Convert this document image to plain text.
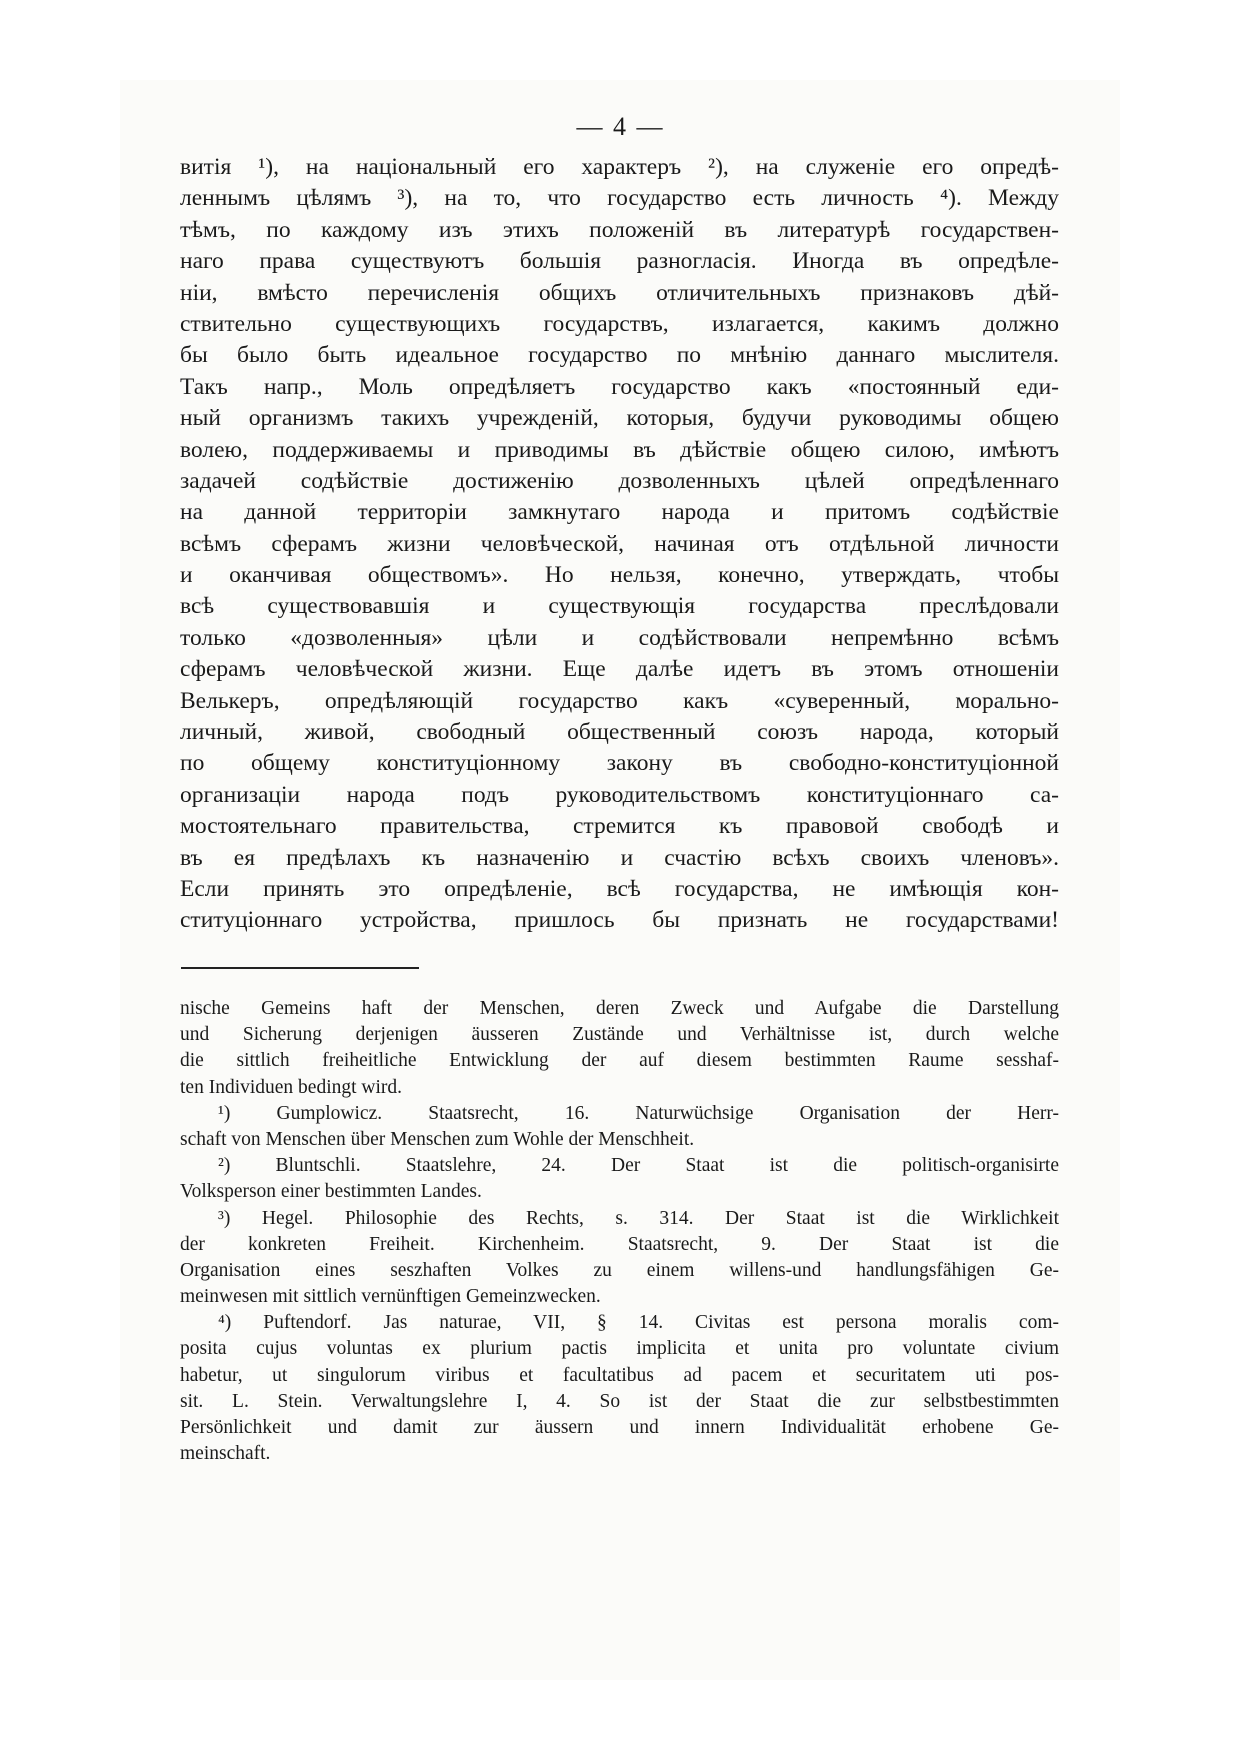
— 4 —
витія ¹), на національный его характеръ ²), на служеніе его опредѣ-
леннымъ цѣлямъ ³), на то, что государство есть личность ⁴). Между
тѣмъ, по каждому изъ этихъ положеній въ литературѣ государствен-
наго права существуютъ большія разногласія. Иногда въ опредѣле-
ніи, вмѣсто перечисленія общихъ отличительныхъ признаковъ дѣй-
ствительно существующихъ государствъ, излагается, какимъ должно
бы было быть идеальное государство по мнѣнію даннаго мыслителя.
Такъ напр., Моль опредѣляетъ государство какъ «постоянный еди-
ный организмъ такихъ учрежденій, которыя, будучи руководимы общею
волею, поддерживаемы и приводимы въ дѣйствіе общею силою, имѣютъ
задачей содѣйствіе достиженію дозволенныхъ цѣлей опредѣленнаго
на данной территоріи замкнутаго народа и притомъ содѣйствіе
всѣмъ сферамъ жизни человѣческой, начиная отъ отдѣльной личности
и оканчивая обществомъ». Но нельзя, конечно, утверждать, чтобы
всѣ существовавшія и существующія государства преслѣдовали
только «дозволенныя» цѣли и содѣйствовали непремѣнно всѣмъ
сферамъ человѣческой жизни. Еще далѣе идетъ въ этомъ отношеніи
Велькеръ, опредѣляющій государство какъ «суверенный, морально-
личный, живой, свободный общественный союзъ народа, который
по общему конституціонному закону въ свободно-конституціонной
организаціи народа подъ руководительствомъ конституціоннаго са-
мостоятельнаго правительства, стремится къ правовой свободѣ и
въ ея предѣлахъ къ назначенію и счастію всѣхъ своихъ членовъ».
Если принять это опредѣленіе, всѣ государства, не имѣющія кон-
ституціоннаго устройства, пришлось бы признать не государствами!
nische Gemeins haft der Menschen, deren Zweck und Aufgabe die Darstellung
und Sicherung derjenigen äusseren Zustände und Verhältnisse ist, durch welche
die sittlich freiheitliche Entwicklung der auf diesem bestimmten Raume sesshaf-
ten Individuen bedingt wird.
¹) Gumplowicz. Staatsrecht, 16. Naturwüchsige Organisation der Herr-
schaft von Menschen über Menschen zum Wohle der Menschheit.
²) Bluntschli. Staatslehre, 24. Der Staat ist die politisch-organisirte
Volksperson einer bestimmten Landes.
³) Hegel. Philosophie des Rechts, s. 314. Der Staat ist die Wirklichkeit
der konkreten Freiheit. Kirchenheim. Staatsrecht, 9. Der Staat ist die
Organisation eines seszhaften Volkes zu einem willens-und handlungsfähigen Ge-
meinwesen mit sittlich vernünftigen Gemeinzwecken.
⁴) Puftendorf. Jas naturae, VII, § 14. Civitas est persona moralis com-
posita cujus voluntas ex plurium pactis implicita et unita pro voluntate civium
habetur, ut singulorum viribus et facultatibus ad pacem et securitatem uti pos-
sit. L. Stein. Verwaltungslehre I, 4. So ist der Staat die zur selbstbestimmten
Persönlichkeit und damit zur äussern und innern Individualität erhobene Ge-
meinschaft.
